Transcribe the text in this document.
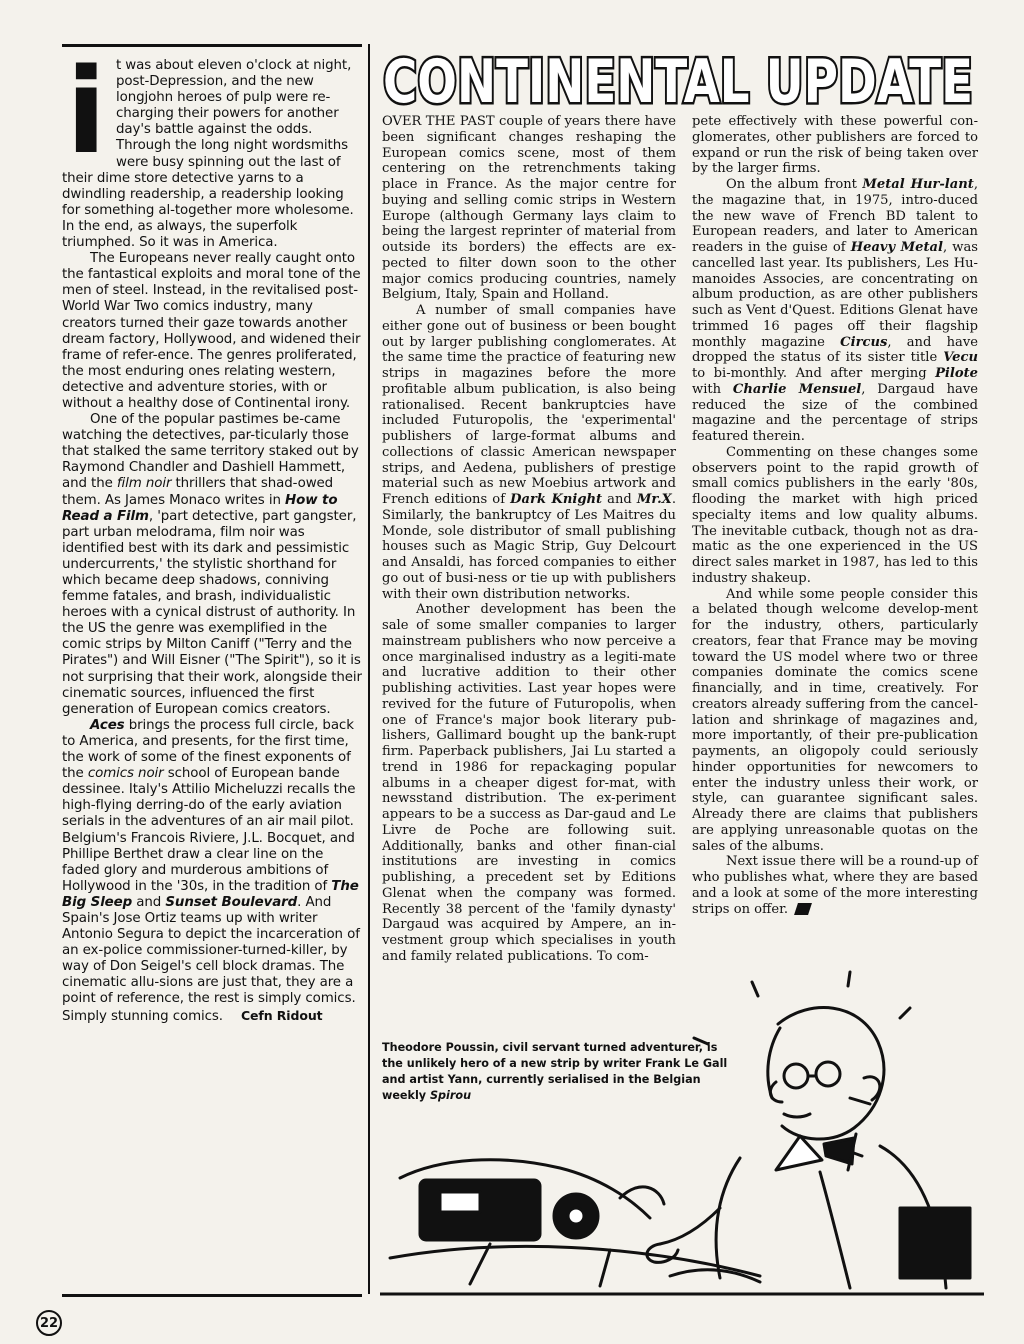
i t was about eleven o'clock at night, post-Depression, and the new longjohn heroes of pulp were re-charging their powers for another day's battle against the odds. Through the long night wordsmiths were busy spinning out the last of their dime store detective yarns to a dwindling readership, a readership looking for something al-together more wholesome. In the end, as always, the superfolk triumphed. So it was in America.

The Europeans never really caught onto the fantastical exploits and moral tone of the men of steel. Instead, in the revitalised post-World War Two comics industry, many creators turned their gaze towards another dream factory, Hollywood, and widened their frame of refer-ence. The genres proliferated, the most enduring ones relating western, detective and adventure stories, with or without a healthy dose of Continental irony.

One of the popular pastimes be-came watching the detectives, par-ticularly those that stalked the same territory staked out by Raymond Chandler and Dashiell Hammett, and the film noir thrillers that shad-owed them. As James Monaco writes in How to Read a Film, 'part detective, part gangster, part urban melodrama, film noir was identified best with its dark and pessimistic undercurrents,' the stylistic shorthand for which became deep shadows, conniving femme fatales, and brash, individualistic heroes with a cynical distrust of authority. In the US the genre was exemplified in the comic strips by Milton Caniff ("Terry and the Pirates") and Will Eisner ("The Spirit"), so it is not surprising that their work, alongside their cinematic sources, influenced the first generation of European comics creators.

Aces brings the process full circle, back to America, and presents, for the first time, the work of some of the finest exponents of the comics noir school of European bande dessinee. Italy's Attilio Micheluzzi recalls the high-flying derring-do of the early aviation serials in the adventures of an air mail pilot. Belgium's Francois Riviere, J.L. Bocquet, and Phillipe Berthet draw a clear line on the faded glory and murderous ambitions of Hollywood in the '30s, in the tradition of The Big Sleep and Sunset Boulevard. And Spain's Jose Ortiz teams up with writer Antonio Segura to depict the incarceration of an ex-police commissioner-turned-killer, by way of Don Seigel's cell block dramas. The cinematic allu-sions are just that, they are a point of reference, the rest is simply comics. Simply stunning comics. Cefn Ridout

CONTINENTAL UPDATE

OVER THE PAST couple of years there have been significant changes reshaping the European comics scene, most of them centering on the retrenchments taking place in France. As the major centre for buying and selling comic strips in Western Europe (although Germany lays claim to being the largest reprinter of material from outside its borders) the effects are ex-pected to filter down soon to the other major comics producing countries, namely Belgium, Italy, Spain and Holland.

A number of small companies have either gone out of business or been bought out by larger publishing conglomerates. At the same time the practice of featuring new strips in magazines before the more profitable album publication, is also being rationalised. Recent bankruptcies have included Futuropolis, the 'experimental' publishers of large-format albums and collections of classic American newspaper strips, and Aedena, publishers of prestige material such as new Moebius artwork and French editions of Dark Knight and Mr.X. Similarly, the bankruptcy of Les Maitres du Monde, sole distributor of small publishing houses such as Magic Strip, Guy Delcourt and Ansaldi, has forced companies to either go out of busi-ness or tie up with publishers with their own distribution networks.

Another development has been the sale of some smaller companies to larger mainstream publishers who now perceive a once marginalised industry as a legiti-mate and lucrative addition to their other publishing activities. Last year hopes were revived for the future of Futuropolis, when one of France's major book literary pub-lishers, Gallimard bought up the bank-rupt firm. Paperback publishers, Jai Lu started a trend in 1986 for repackaging popular albums in a cheaper digest for-mat, with newsstand distribution. The ex-periment appears to be a success as Dar-gaud and Le Livre de Poche are following suit. Additionally, banks and other finan-cial institutions are investing in comics publishing, a precedent set by Editions Glenat when the company was formed. Recently 38 percent of the 'family dynasty' Dargaud was acquired by Ampere, an in-vestment group which specialises in youth and family related publications. To com-

pete effectively with these powerful con-glomerates, other publishers are forced to expand or run the risk of being taken over by the larger firms.

On the album front Metal Hur-lant, the magazine that, in 1975, intro-duced the new wave of French BD talent to European readers, and later to American readers in the guise of Heavy Metal, was cancelled last year. Its publishers, Les Hu-manoides Associes, are concentrating on album production, as are other publishers such as Vent d'Quest. Editions Glenat have trimmed 16 pages off their flagship monthly magazine Circus, and have dropped the status of its sister title Vecu to bi-monthly. And after merging Pilote with Charlie Mensuel, Dargaud have reduced the size of the combined magazine and the percentage of strips featured therein.

Commenting on these changes some observers point to the rapid growth of small comics publishers in the early '80s, flooding the market with high priced specialty items and low quality albums. The inevitable cutback, though not as dra-matic as the one experienced in the US direct sales market in 1987, has led to this industry shakeup.

And while some people consider this a belated though welcome develop-ment for the industry, others, particularly creators, fear that France may be moving toward the US model where two or three companies dominate the comics scene financially, and in time, creatively. For creators already suffering from the cancel-lation and shrinkage of magazines and, more importantly, of their pre-publication payments, an oligopoly could seriously hinder opportunities for newcomers to enter the industry unless their work, or style, can guarantee significant sales. Already there are claims that publishers are applying unreasonable quotas on the sales of the albums.

Next issue there will be a round-up of who publishes what, where they are based and a look at some of the more interesting strips on offer.

Theodore Poussin, civil servant turned adventurer, is the unlikely hero of a new strip by writer Frank Le Gall and artist Yann, currently serialised in the Belgian weekly Spirou
22
